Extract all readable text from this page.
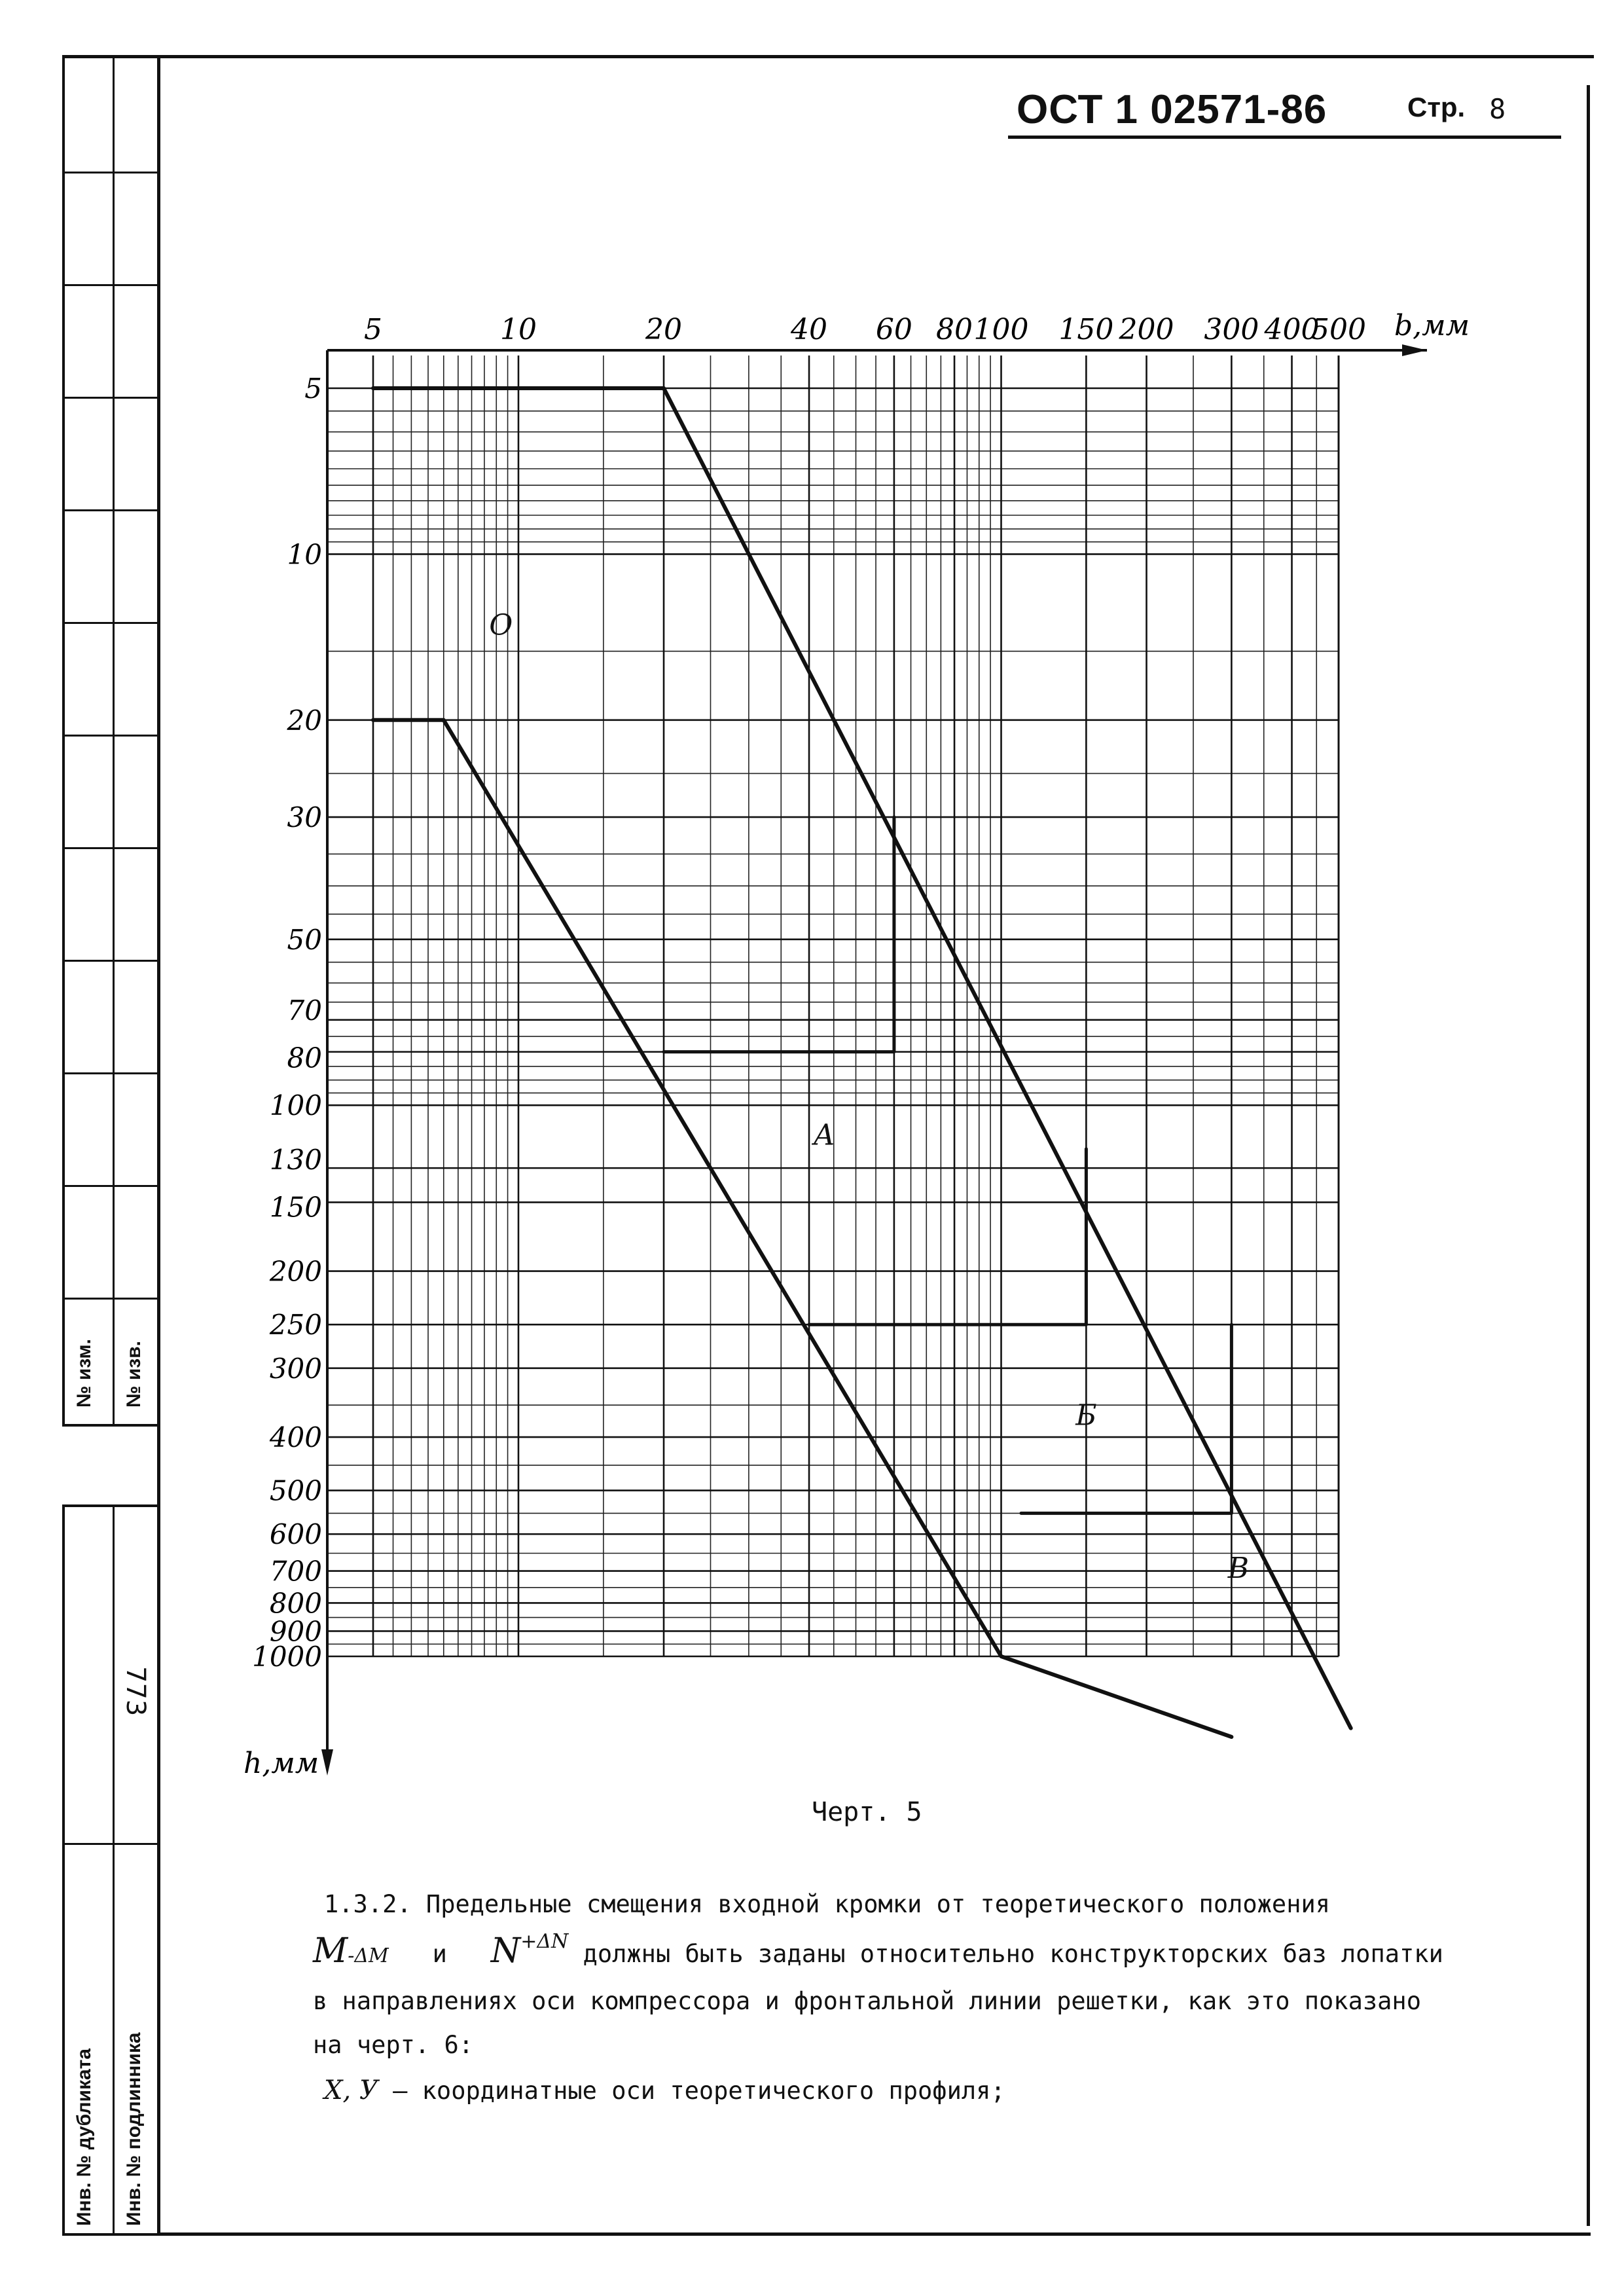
№ изм. № изв.
773
Инв. № дубликата Инв. № подлинника
ОСТ 1 02571-86	Стр. 8
b,мм
h,мм
5	10	20	40 60 80 100 150 200 300 400
500
5
10
20
30
50
70
80
100
130
150
200
250
300
400
500
600
700
800
900
1000
О
А
Б
В
Черт. 5
1.3.2. Предельные смещения входной кромки от теоретического положения
M-ΔM и $N^{+\Delta N}$ должны быть заданы относительно конструкторских баз лопатки
в направлениях оси компрессора и фронтальной линии решетки, как это показано
на черт. 6:
X, У – координатные оси теоретического профиля;
